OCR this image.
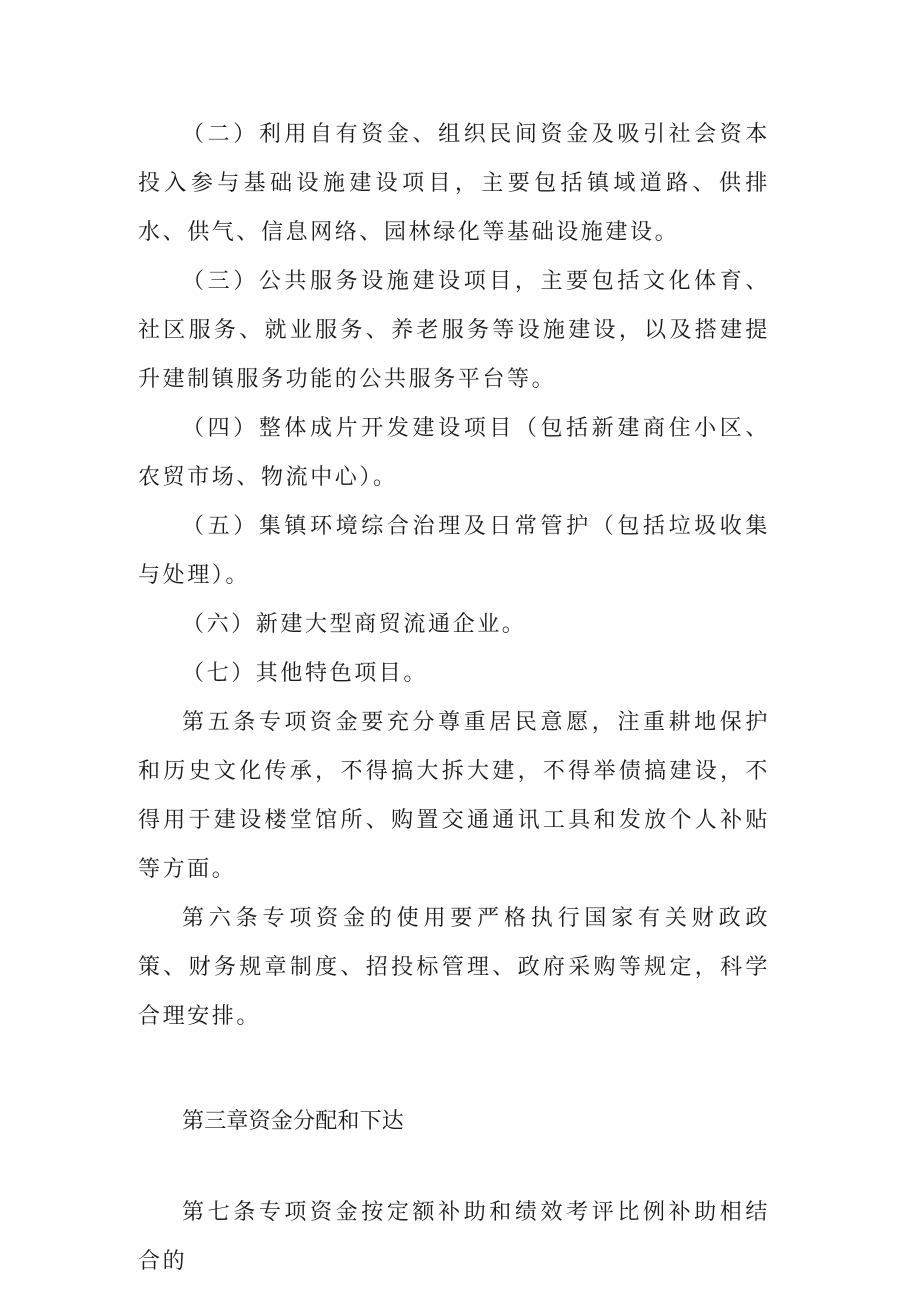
（二）利用自有资金、组织民间资金及吸引社会资本投入参与基础设施建设项目，主要包括镇域道路、供排水、供气、信息网络、园林绿化等基础设施建设。

（三）公共服务设施建设项目，主要包括文化体育、社区服务、就业服务、养老服务等设施建设，以及搭建提升建制镇服务功能的公共服务平台等。

（四）整体成片开发建设项目（包括新建商住小区、农贸市场、物流中心）。

（五）集镇环境综合治理及日常管护（包括垃圾收集与处理）。

（六）新建大型商贸流通企业。

（七）其他特色项目。

第五条专项资金要充分尊重居民意愿，注重耕地保护和历史文化传承，不得搞大拆大建，不得举债搞建设，不得用于建设楼堂馆所、购置交通通讯工具和发放个人补贴等方面。

第六条专项资金的使用要严格执行国家有关财政政策、财务规章制度、招投标管理、政府采购等规定，科学合理安排。

第三章资金分配和下达

第七条专项资金按定额补助和绩效考评比例补助相结合的
